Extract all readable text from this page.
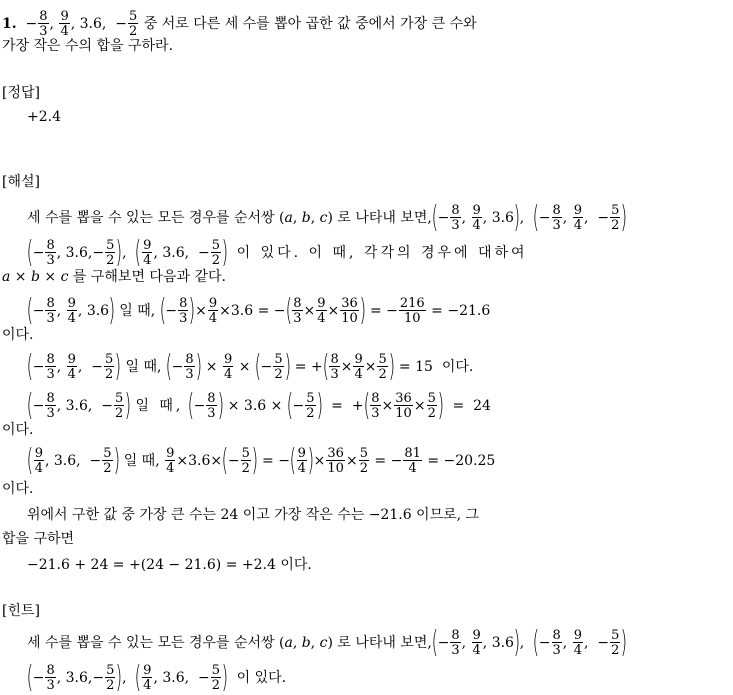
1.  − $\frac{8}{3}$ , $\frac{9}{4}$ , 3.6,  − $\frac{5}{2}$ 중 서로 다른 세 수를 뽑아 곱한 값 중에서 가장 큰 수와
가장 작은 수의 합을 구하라.
[정답]
+2.4
[해설]
세 수를 뽑을 수 있는 모든 경우를 순서쌍 (a, b, c) 로 나타내 보면,(− $\frac{8}{3}$ , $\frac{9}{4}$ , 3.6),  (− $\frac{8}{3}$ , $\frac{9}{4}$ ,  − $\frac{5}{2}$ )
(− $\frac{8}{3}$ , $3.6,- \frac{5}{2}$ ),  ( $\frac{9}{4}$ , 3.6,  − $\frac{5}{2}$ ) 이 있다. 이 때, 각각의 경우에 대하여
a × b × c 를 구해보면 다음과 같다.
(− $\frac{8}{3}$ , $\frac{9}{4}$ , 3.6) 일 때, (− $\frac{8}{3}$ )× $\frac{9}{4} \times 3.6$ = −( $\frac{8}{3} \times \frac{9}{4} \times \frac{36}{10}$ ) = − $\frac{216}{10} = -21.6$
이다.
(− $\frac{8}{3}$ , $\frac{9}{4}$ ,  − $\frac{5}{2}$ ) 일 때, (− $\frac{8}{3}$ ) × $\frac{9}{4}$ × (− $\frac{5}{2}$ ) = +( $\frac{8}{3} \times \frac{9}{4} \times \frac{5}{2}$ ) = 15  이다.
(− $\frac{8}{3}$ , 3.6,  − $\frac{5}{2}$ ) 일 때, (− $\frac{8}{3}$ ) × 3.6 × (− $\frac{5}{2}$ )  =  +( $\frac{8}{3} \times \frac{36}{10} \times \frac{5}{2}$ )  =  24
이다.
( $\frac{9}{4}$ , 3.6,  − $\frac{5}{2}$ ) 일 때, $\frac{9}{4} \times 3.6\times(- \frac{5}{2}$ ) = −( $\frac{9}{4}$ )× $\frac{36}{10} \times \frac{5}{2}$ = − $\frac{81}{4} = -20.25$
이다.
위에서 구한 값 중 가장 큰 수는 24 이고 가장 작은 수는 −21.6 이므로, 그
합을 구하면
−21.6 + 24 = +(24 − 21.6) = +2.4 이다.
[힌트]
세 수를 뽑을 수 있는 모든 경우를 순서쌍 (a, b, c) 로 나타내 보면,(− $\frac{8}{3}$ , $\frac{9}{4}$ , 3.6),  (− $\frac{8}{3}$ , $\frac{9}{4}$ ,  − $\frac{5}{2}$ )
(− $\frac{8}{3}$ , $3.6,- \frac{5}{2}$ ),  ( $\frac{9}{4}$ , 3.6,  − $\frac{5}{2}$ ) 이 있다.
